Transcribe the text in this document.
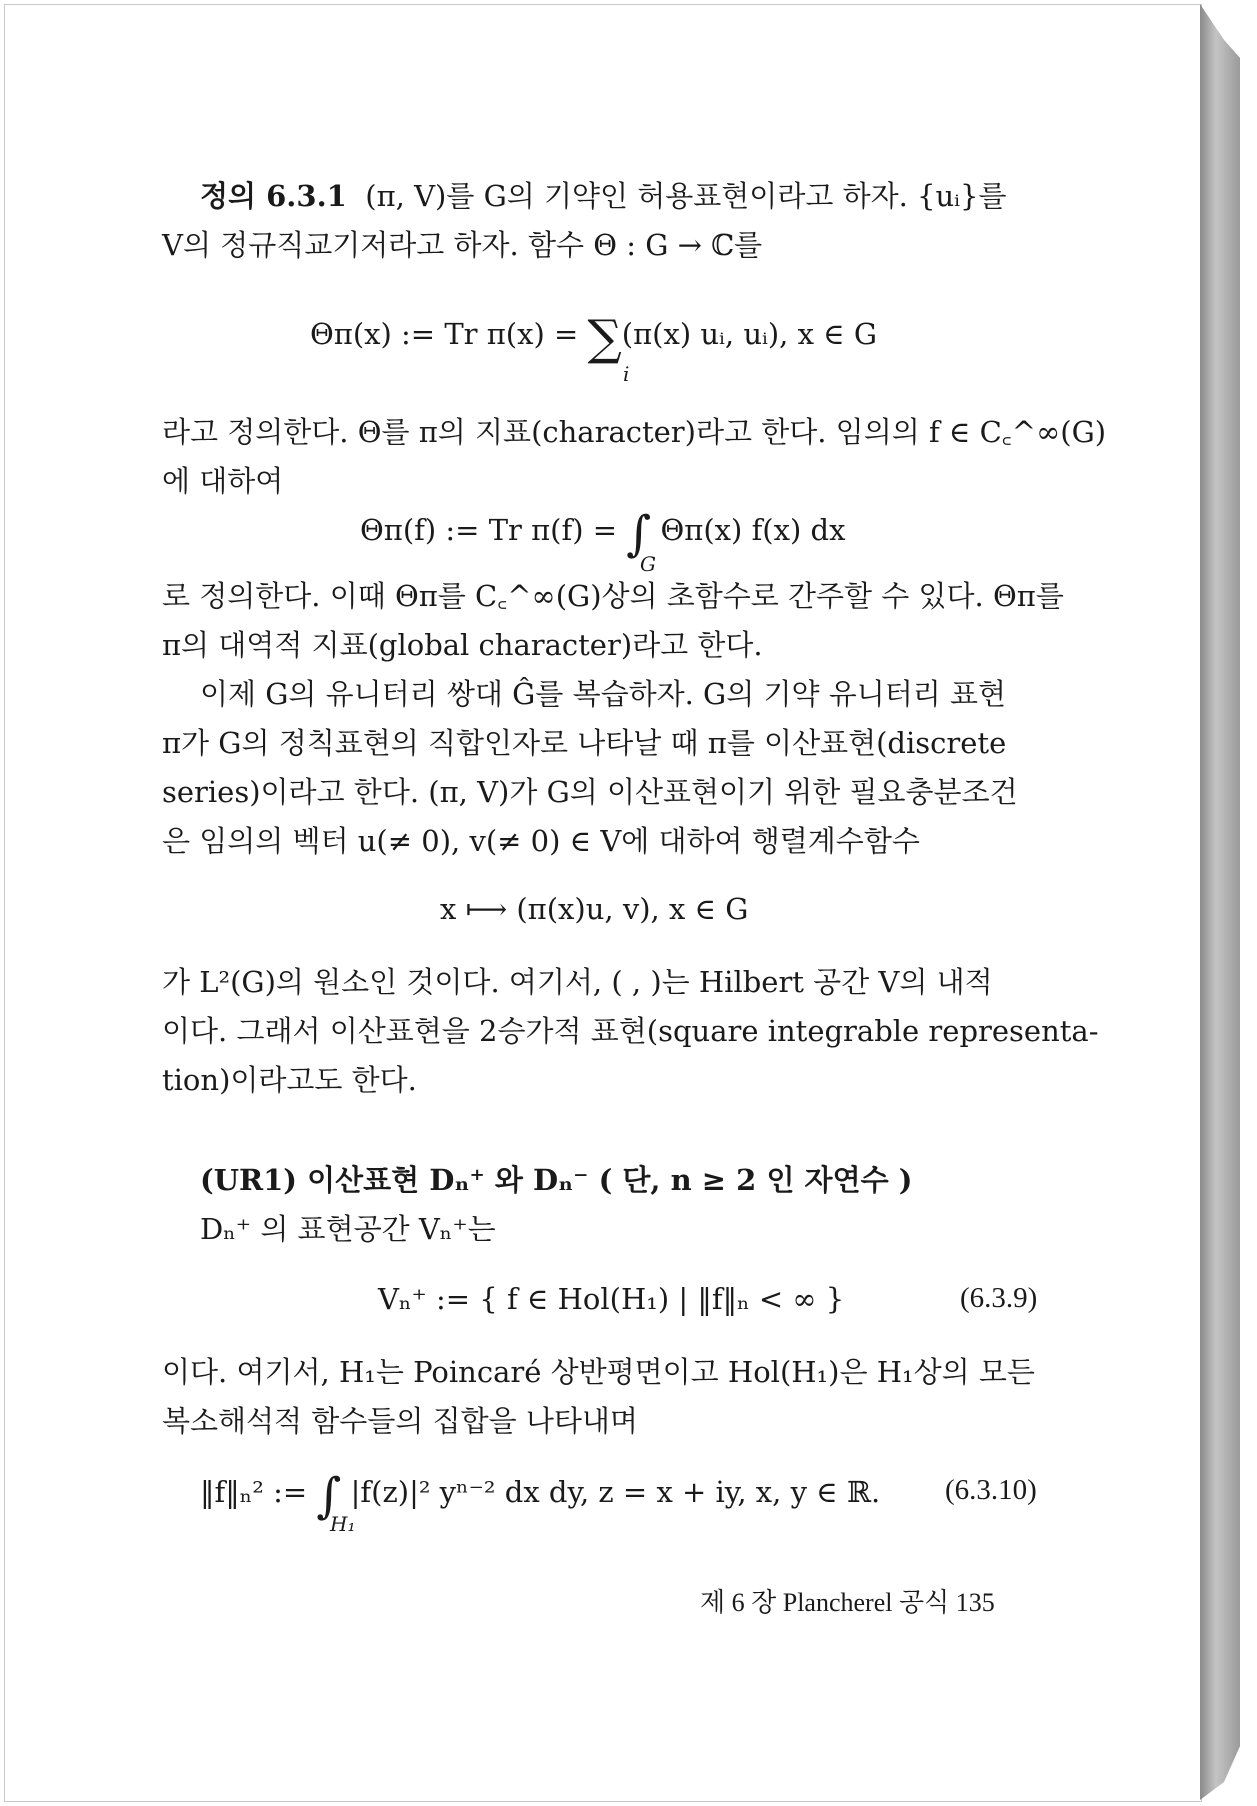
정의 6.3.1 (π, V)를 G의 기약인 허용표현이라고 하자. {uᵢ}를
V의 정규직교기저라고 하자. 함수 Θ : G → ℂ를
Θπ(x) := Tr π(x) = ∑(π(x) uᵢ, uᵢ), x ∈ G
i
라고 정의한다. Θ를 π의 지표(character)라고 한다. 임의의 f ∈ C꜀^∞(G)
에 대하여
Θπ(f) := Tr π(f) = ∫ Θπ(x) f(x) dx
G
로 정의한다. 이때 Θπ를 C꜀^∞(G)상의 초함수로 간주할 수 있다. Θπ를
π의 대역적 지표(global character)라고 한다.
이제 G의 유니터리 쌍대 Ĝ를 복습하자. G의 기약 유니터리 표현
π가 G의 정칙표현의 직합인자로 나타날 때 π를 이산표현(discrete
series)이라고 한다. (π, V)가 G의 이산표현이기 위한 필요충분조건
은 임의의 벡터 u(≠ 0), v(≠ 0) ∈ V에 대하여 행렬계수함수
x ⟼ (π(x)u, v), x ∈ G
가 L²(G)의 원소인 것이다. 여기서, ( , )는 Hilbert 공간 V의 내적
이다. 그래서 이산표현을 2승가적 표현(square integrable representa-
tion)이라고도 한다.
(UR1) 이산표현 Dₙ⁺ 와 Dₙ⁻ ( 단, n ≥ 2 인 자연수 )
Dₙ⁺ 의 표현공간 Vₙ⁺는
Vₙ⁺ := { f ∈ Hol(H₁) | ‖f‖ₙ < ∞ }	(6.3.9)
이다. 여기서, H₁는 Poincaré 상반평면이고 Hol(H₁)은 H₁상의 모든
복소해석적 함수들의 집합을 나타내며
‖f‖ₙ² := ∫ |f(z)|² yⁿ⁻² dx dy, z = x + iy, x, y ∈ ℝ.
H₁
(6.3.10)
제 6 장 Plancherel 공식 135
